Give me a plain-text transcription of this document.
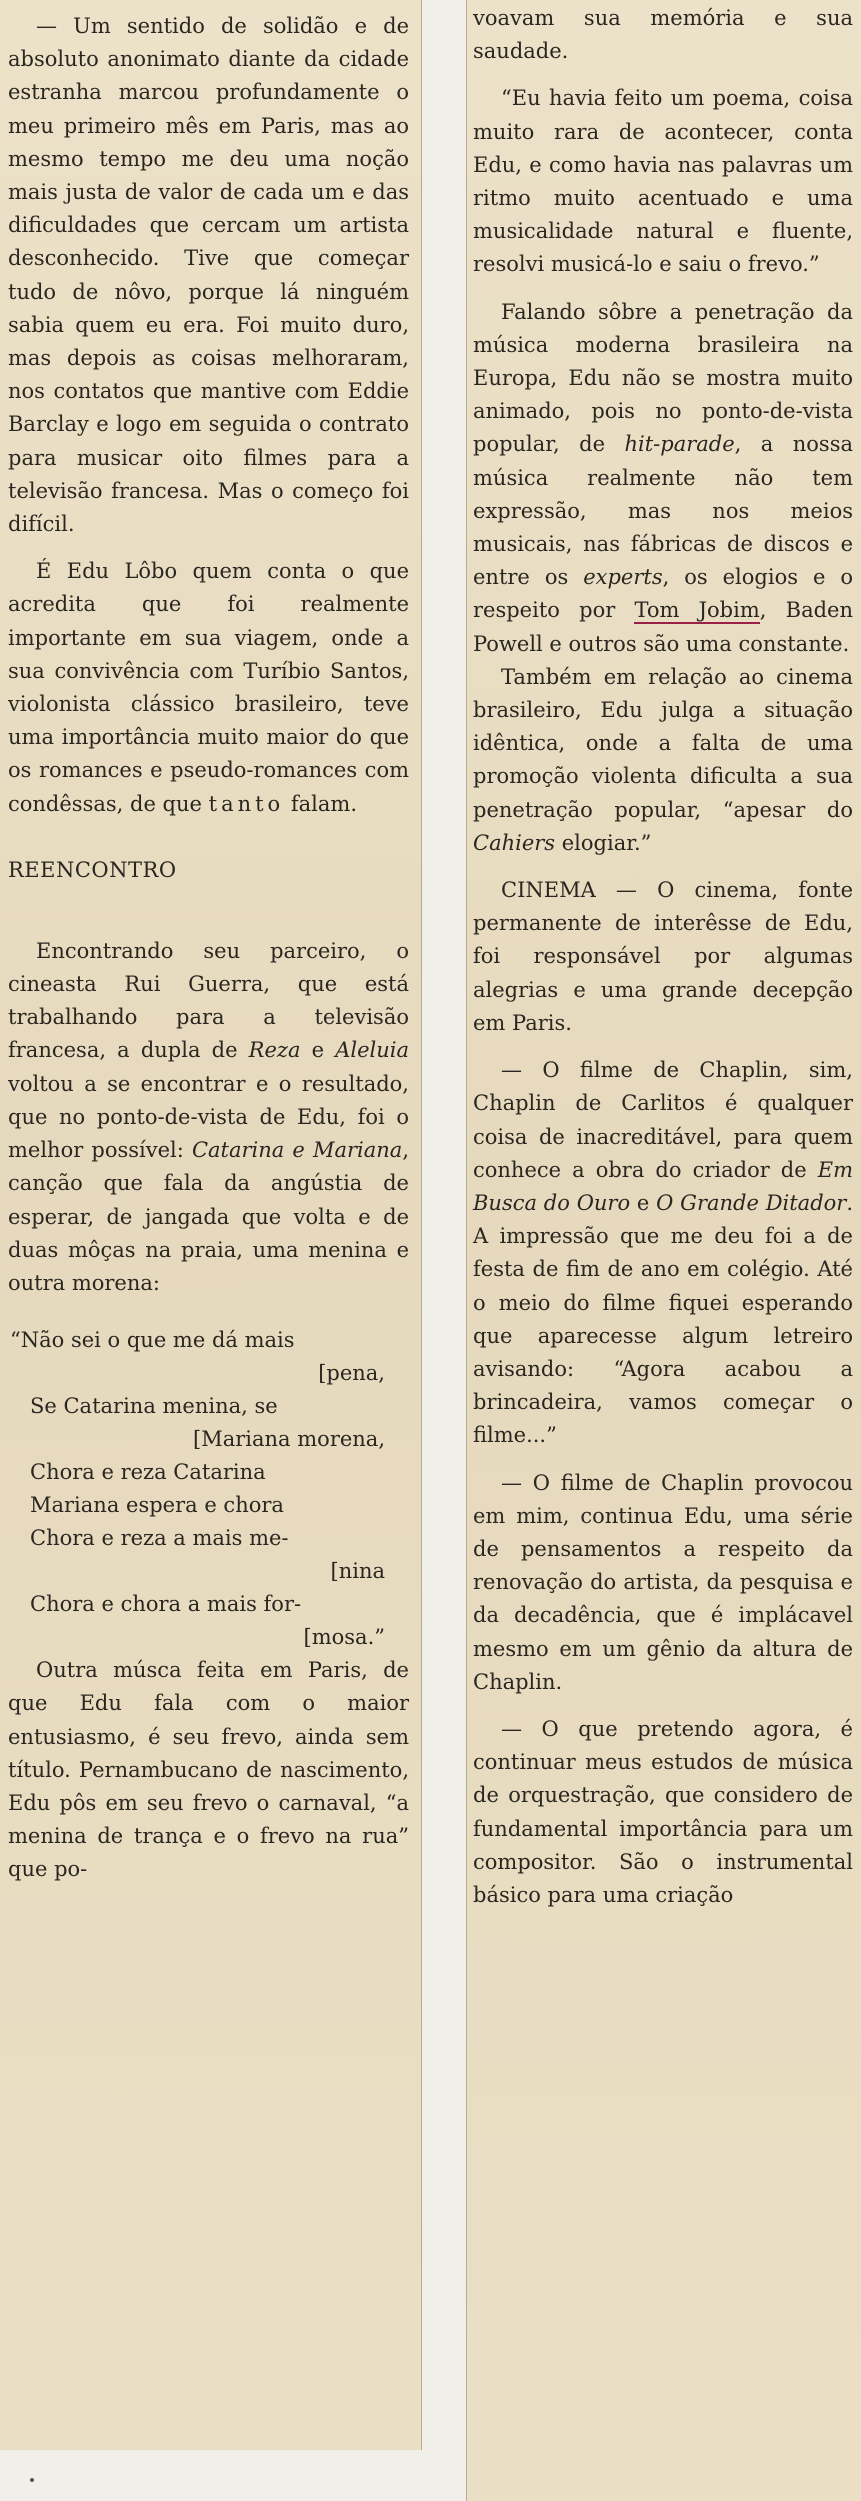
— Um sentido de solidão e de absoluto anonimato diante da cidade estranha marcou profundamente o meu primeiro mês em Paris, mas ao mesmo tempo me deu uma noção mais justa de valor de cada um e das dificuldades que cercam um artista desconhecido. Tive que começar tudo de nôvo, porque lá ninguém sabia quem eu era. Foi muito duro, mas depois as coisas melhoraram, nos contatos que mantive com Eddie Barclay e logo em seguida o contrato para musicar oito filmes para a televisão francesa. Mas o começo foi difícil.

É Edu Lôbo quem conta o que acredita que foi realmente importante em sua viagem, onde a sua convivência com Turíbio Santos, violonista clássico brasileiro, teve uma importância muito maior do que os romances e pseudo-romances com condêssas, de que tanto falam.

REENCONTRO

Encontrando seu parceiro, o cineasta Rui Guerra, que está trabalhando para a televisão francesa, a dupla de Reza e Aleluia voltou a se encontrar e o resultado, que no ponto-de-vista de Edu, foi o melhor possível: Catarina e Mariana, canção que fala da angústia de esperar, de jangada que volta e de duas môças na praia, uma menina e outra morena:

“Não sei o que me dá mais
[pena,
Se Catarina menina, se
[Mariana morena,
Chora e reza Catarina
Mariana espera e chora
Chora e reza a mais me-
[nina
Chora e chora a mais for-
[mosa.”

Outra músca feita em Paris, de que Edu fala com o maior entusiasmo, é seu frevo, ainda sem título. Pernambucano de nascimento, Edu pôs em seu frevo o carnaval, “a menina de trança e o frevo na rua” que po-

voavam sua memória e sua saudade.

“Eu havia feito um poema, coisa muito rara de acontecer, conta Edu, e como havia nas palavras um ritmo muito acentuado e uma musicalidade natural e fluente, resolvi musicá-lo e saiu o frevo.”

Falando sôbre a penetração da música moderna brasileira na Europa, Edu não se mostra muito animado, pois no ponto-de-vista popular, de hit-parade, a nossa música realmente não tem expressão, mas nos meios musicais, nas fábricas de discos e entre os experts, os elogios e o respeito por Tom Jobim, Baden Powell e outros são uma constante.

Também em relação ao cinema brasileiro, Edu julga a situação idêntica, onde a falta de uma promoção violenta dificulta a sua penetração popular, “apesar do Cahiers elogiar.”

CINEMA — O cinema, fonte permanente de interêsse de Edu, foi responsável por algumas alegrias e uma grande decepção em Paris.

— O filme de Chaplin, sim, Chaplin de Carlitos é qualquer coisa de inacreditável, para quem conhece a obra do criador de Em Busca do Ouro e O Grande Ditador. A impressão que me deu foi a de festa de fim de ano em colégio. Até o meio do filme fiquei esperando que aparecesse algum letreiro avisando: “Agora acabou a brincadeira, vamos começar o filme...”

— O filme de Chaplin provocou em mim, continua Edu, uma série de pensamentos a respeito da renovação do artista, da pesquisa e da decadência, que é implácavel mesmo em um gênio da altura de Chaplin.

— O que pretendo agora, é continuar meus estudos de música de orquestração, que considero de fundamental importância para um compositor. São o instrumental básico para uma criação
